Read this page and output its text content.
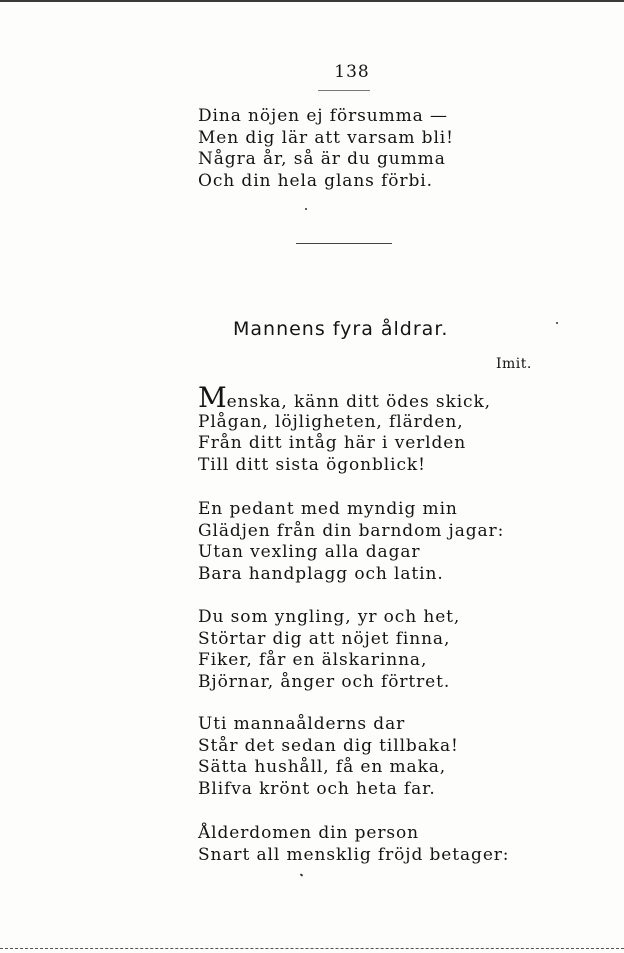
138
Dina nöjen ej försumma —
Men dig lär att varsam bli!
Några år, så är du gumma
Och din hela glans förbi.
Mannens fyra åldrar.
Imit.
Menska, känn ditt ödes skick,
Plågan, löjligheten, flärden,
Från ditt intåg här i verlden
Till ditt sista ögonblick!
En pedant med myndig min
Glädjen från din barndom jagar:
Utan vexling alla dagar
Bara handplagg och latin.
Du som yngling, yr och het,
Störtar dig att nöjet finna,
Fiker, får en älskarinna,
Björnar, ånger och förtret.
Uti mannaålderns dar
Står det sedan dig tillbaka!
Sätta hushåll, få en maka,
Blifva krönt och heta far.
Ålderdomen din person
Snart all mensklig fröjd betager:
